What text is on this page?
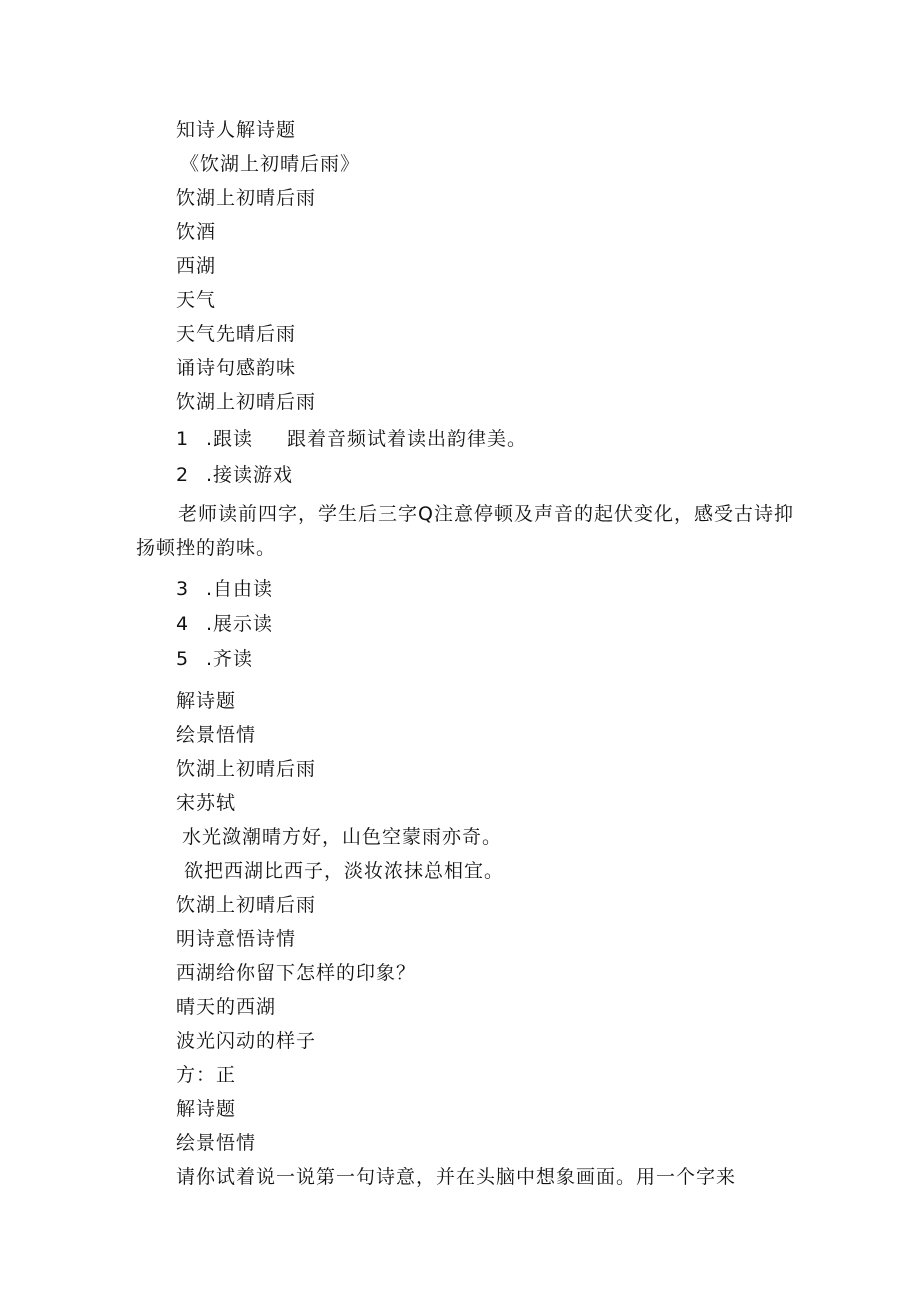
知诗人解诗题
《饮湖上初晴后雨》
饮湖上初晴后雨
饮酒
西湖
天气
天气先晴后雨
诵诗句感韵味
饮湖上初晴后雨
1 .跟读 跟着音频试着读出韵律美。
2 .接读游戏
老师读前四字，学生后三字Q注意停顿及声音的起伏变化，感受古诗抑扬顿挫的韵味。
3 .自由读
4 .展示读
5 .齐读
解诗题
绘景悟情
饮湖上初晴后雨
宋苏轼
水光潋潮晴方好，山色空蒙雨亦奇。
欲把西湖比西子，淡妆浓抹总相宜。
饮湖上初晴后雨
明诗意悟诗情
西湖给你留下怎样的印象？
晴天的西湖
波光闪动的样子
方：正
解诗题
绘景悟情
请你试着说一说第一句诗意，并在头脑中想象画面。用一个字来
